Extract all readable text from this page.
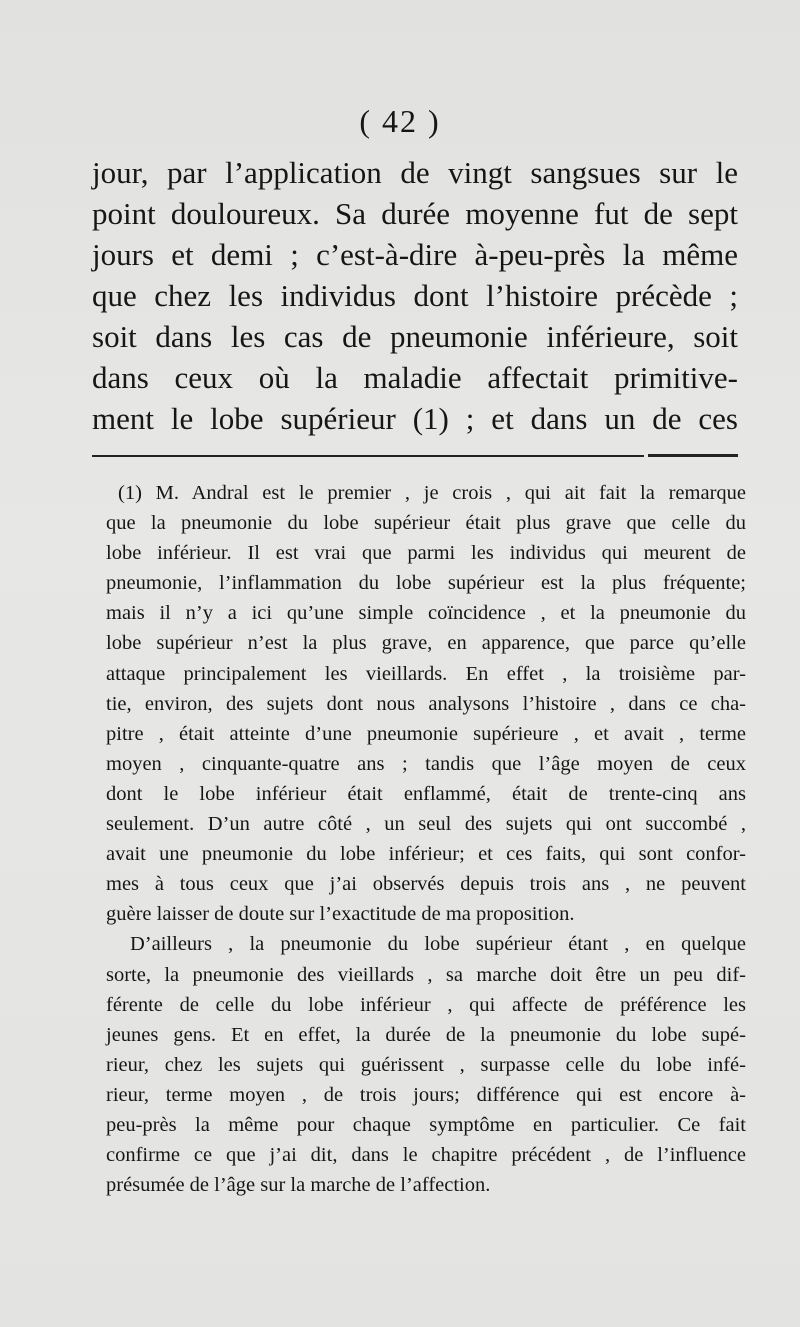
( 42 )
jour, par l’application de vingt sangsues sur le
point douloureux. Sa durée moyenne fut de sept
jours et demi ; c’est-à-dire à-peu-près la même
que chez les individus dont l’histoire précède ;
soit dans les cas de pneumonie inférieure, soit
dans ceux où la maladie affectait primitive-
ment le lobe supérieur (1) ; et dans un de ces
(1) M. Andral est le premier , je crois , qui ait fait la remarque
que la pneumonie du lobe supérieur était plus grave que celle du
lobe inférieur. Il est vrai que parmi les individus qui meurent de
pneumonie, l’inflammation du lobe supérieur est la plus fréquente;
mais il n’y a ici qu’une simple coïncidence , et la pneumonie du
lobe supérieur n’est la plus grave, en apparence, que parce qu’elle
attaque principalement les vieillards. En effet , la troisième par-
tie, environ, des sujets dont nous analysons l’histoire , dans ce cha-
pitre , était atteinte d’une pneumonie supérieure , et avait , terme
moyen , cinquante-quatre ans ; tandis que l’âge moyen de ceux
dont le lobe inférieur était enflammé, était de trente-cinq ans
seulement. D’un autre côté , un seul des sujets qui ont succombé ,
avait une pneumonie du lobe inférieur; et ces faits, qui sont confor-
mes à tous ceux que j’ai observés depuis trois ans , ne peuvent
guère laisser de doute sur l’exactitude de ma proposition.
D’ailleurs , la pneumonie du lobe supérieur étant , en quelque
sorte, la pneumonie des vieillards , sa marche doit être un peu dif-
férente de celle du lobe inférieur , qui affecte de préférence les
jeunes gens. Et en effet, la durée de la pneumonie du lobe supé-
rieur, chez les sujets qui guérissent , surpasse celle du lobe infé-
rieur, terme moyen , de trois jours; différence qui est encore à-
peu-près la même pour chaque symptôme en particulier. Ce fait
confirme ce que j’ai dit, dans le chapitre précédent , de l’influence
présumée de l’âge sur la marche de l’affection.
